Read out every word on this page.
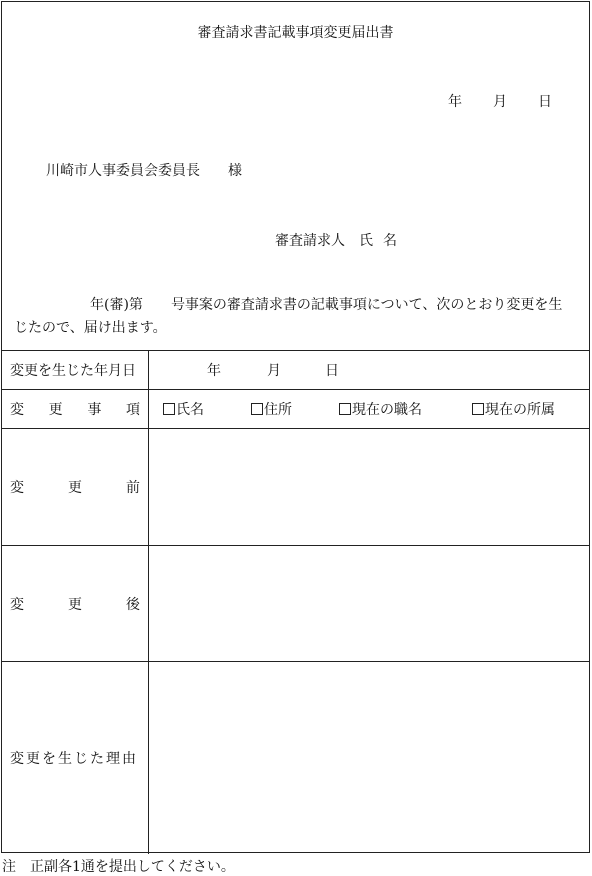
審査請求書記載事項変更届出書
年 月 日
川崎市人事委員会委員長 様
審査請求人 氏名
年(審)第 号事案の審査請求書の記載事項について、次のとおり変更を生
じたので、届け出ます。
変更を生じた年月日	年	月	日
変 更 事 項	氏名	住所	現在の職名	現在の所属
変	更	前
変	更	後
変更を生じた理由
注　正副各1通を提出してください。
